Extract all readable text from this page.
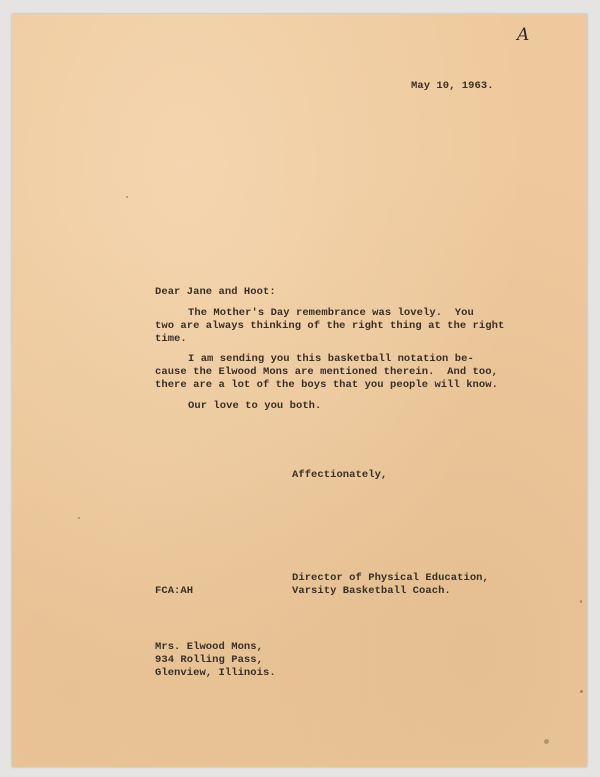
A
May 10, 1963.
Dear Jane and Hoot:
The Mother's Day remembrance was lovely.  You
two are always thinking of the right thing at the right
time.
I am sending you this basketball notation be-
cause the Elwood Mons are mentioned therein.  And too,
there are a lot of the boys that you people will know.
Our love to you both.
Affectionately,
Director of Physical Education,
Varsity Basketball Coach.
FCA:AH
Mrs. Elwood Mons,
934 Rolling Pass,
Glenview, Illinois.
